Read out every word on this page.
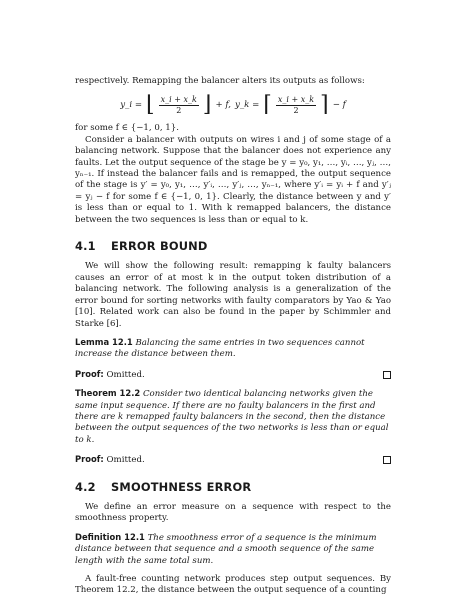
respectively. Remapping the balancer alters its outputs as follows:

y_i = ⌊ $\frac{x\_i + x\_k}{2}$ ⌋ + f, y_k = ⌈ $\frac{x\_i + x\_k}{2}$ ⌉ − f

for some f ∈ {−1, 0, 1}.

Consider a balancer with outputs on wires i and j of some stage of a balancing network. Suppose that the balancer does not experience any faults. Let the output sequence of the stage be y = y₀, y₁, …, yᵢ, …, yⱼ, …, yₙ₋₁. If instead the balancer fails and is remapped, the output sequence of the stage is y′ = y₀, y₁, …, y′ᵢ, …, y′ⱼ, …, yₙ₋₁, where y′ᵢ = yᵢ + f and y′ⱼ = yⱼ − f for some f ∈ {−1, 0, 1}. Clearly, the distance between y and y′ is less than or equal to 1. With k remapped balancers, the distance between the two sequences is less than or equal to k.

4.1 ERROR BOUND

We will show the following result: remapping k faulty balancers causes an error of at most k in the output token distribution of a balancing network. The following analysis is a generalization of the error bound for sorting networks with faulty comparators by Yao & Yao [10]. Related work can also be found in the paper by Schimmler and Starke [6].

Lemma 12.1 Balancing the same entries in two sequences cannot increase the distance between them.
Proof: Omitted.
Theorem 12.2 Consider two identical balancing networks given the same input sequence. If there are no faulty balancers in the first and there are k remapped faulty balancers in the second, then the distance between the output sequences of the two networks is less than or equal to k.
Proof: Omitted.
4.2 SMOOTHNESS ERROR

We define an error measure on a sequence with respect to the smoothness property.

Definition 12.1 The smoothness error of a sequence is the minimum distance between that sequence and a smooth sequence of the same length with the same total sum.

A fault-free counting network produces step output sequences. By Theorem 12.2, the distance between the output sequence of a counting
